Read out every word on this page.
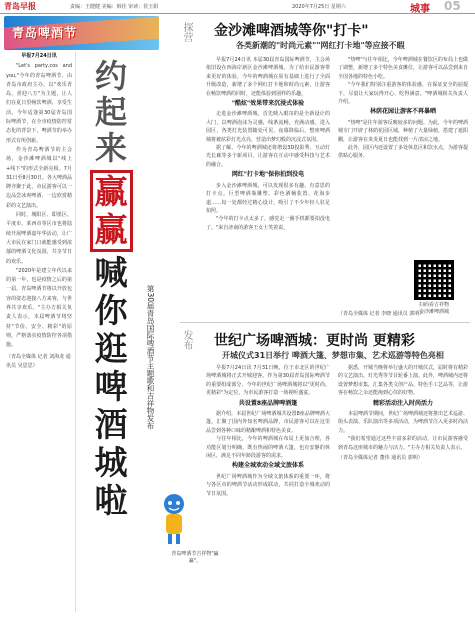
青岛早报	责编：王健健 美编：韩佳 审读：侯玉娟	2020年7月25日 星期六	城事 05
青岛啤酒节
早报7月24日讯

"Let's party,cos and you,"今年的青岛啤酒节，由青岛市政府主办，以"欢乐青岛，喜迎八方"为主题，让人们在夏日里畅饮啤酒、享受生活。今年适逢第30届青岛国际啤酒节，在全市疫情防控常态化的背景下，啤酒节的举办形式有所创新。

作为青岛啤酒节的主会场，金沙滩啤酒城以"线上+线下"的形式全新亮相。7月31日至8月30日，各大啤酒品牌齐聚于此，市民游客可以一边品尝冰爽啤酒，一边欣赏精彩的文艺演出。

同时，城阳区、即墨区、平度市、莱西市等区市也将陆续开展啤酒嘉年华活动，让广大市民在家门口就能感受到浓郁的啤酒文化氛围，共享节日的欢乐。

"2020年是建立年代以来的第一年，也是疫情之后的第一届。青岛啤酒节将以开放包容的姿态迎接八方来客，与世界共享欢乐。"主办方相关负责人表示，本届啤酒节将坚持"节俭、安全、精彩"的原则，严格落实疫情防控各项措施。

（青岛全媒体 记者 刘海龙 通讯员 吴思思）
约
起
来
赢
赢
喊
你
逛
啤
酒
城
啦
第30届青岛国际啤酒节主题歌和吉祥物发布
青岛啤酒节吉祥物"赢赢"。
探营 金沙滩啤酒城等你"打卡"
各类新潮的"时尚元素""网红打卡地"等应接不暇

早报7月24日讯 本届30届青岛国际啤酒节，主会场依旧设在西海岸新区金沙滩啤酒城。为了给市民游客带来更好的体验，今年的啤酒城在原有基础上进行了全面升级改造，新增了多个网红打卡地和时尚元素，让游客在畅饮啤酒的同时，还能体验到别样的乐趣。

"酷炫"效果带来沉浸式体验

走进金沙滩啤酒城，首先映入眼帘的是全新设计的大门，以啤酒泡沫为灵感，线条流畅，充满动感。进入园区，各类灯光装置随处可见，夜幕降临后，整座啤酒城将被炫彩灯光点亮，营造出梦幻般的沉浸式氛围。

据了解，今年的啤酒城还将增设3D投影秀、互动灯光长廊等多个新项目，让游客在互动中感受科技与艺术的融合。

网红"打卡地"保你拍到没电

步入金沙滩啤酒城，可以发现很多有趣、有意思的打卡点。巨型啤酒瓶雕塑、彩色酒桶装置、花海步道……每一处都经过精心设计，吸引了不少年轻人驻足拍照。

"今年的打卡点太多了，感觉走一圈手机都要拍没电了。"来自济南的游客王女士笑着说。

"热啤"与往年相比，今年啤酒城在餐饮区的布局上也做了调整，新增了多个特色美食摊位，让游客可以品尝到来自全国各地的特色小吃。

"今年我们特别注重游客的体验感，在保证安全的前提下，尽量让大家玩得开心、吃得满意。"啤酒城相关负责人介绍。

林荫花园让游客不再暴晒

"热啤"是往年游客反映较多的问题。为此，今年的啤酒城专门开辟了林荫花园区域，种植了大量绿植，搭建了遮阳棚，让游客在炎炎夏日也能找到一片清凉之地。

此外，园区内还设置了多处休息区和饮水点，为游客提供贴心服务。

扫码看吉祥物
金沙滩啤酒城
（青岛全媒体 记者 李晓 通讯员 郭明）
发布 世纪广场啤酒城：更时尚 更精彩
开城仪式31日举行 啤酒大篷、梦想市集、艺术巡游等特色亮相

早报7月24日讯 7月31日晚，位于市北区的世纪广场啤酒城将正式开城迎客。作为第30届青岛国际啤酒节的重要组成部分，今年的世纪广场啤酒城将以"更时尚、更精彩"为定位，为市民游客打造一场视听盛宴。

共设置8座品牌啤酒篷

据介绍，本届世纪广场啤酒城共设置8座品牌啤酒大篷，汇聚了国内外知名啤酒品牌，市民游客可以在这里品尝到各种口味的精酿啤酒和特色美食。

与往年相比，今年的啤酒城在布局上更加合理，各功能区划分明确，既有热闹的啤酒大篷，也有安静的休闲区，满足不同年龄段游客的需求。

构建全城欢动全域文旅体系

世纪广场啤酒城作为全域文旅体系的重要一环，将与各区市的啤酒节活动形成联动，共同打造全城欢动的节日氛围。

据悉，开城当晚将举行盛大的开城仪式，届时将有精彩的文艺演出、灯光秀等节目轮番上演。此外，啤酒城内还将设置梦想市集，汇集各类文创产品、特色手工艺品等，让游客在畅饮之余还能淘到心仪的好物。

精彩活动注入时尚活力

本届啤酒节期间，世纪广场啤酒城还将推出艺术巡游、街头表演、乐队演出等多项活动，为啤酒节注入更多时尚活力。

"我们希望通过这些丰富多彩的活动，让市民游客感受到青岛这座城市的魅力与活力。"主办方相关负责人表示。

（青岛全媒体记者 董伟 通讯员 郭明）
